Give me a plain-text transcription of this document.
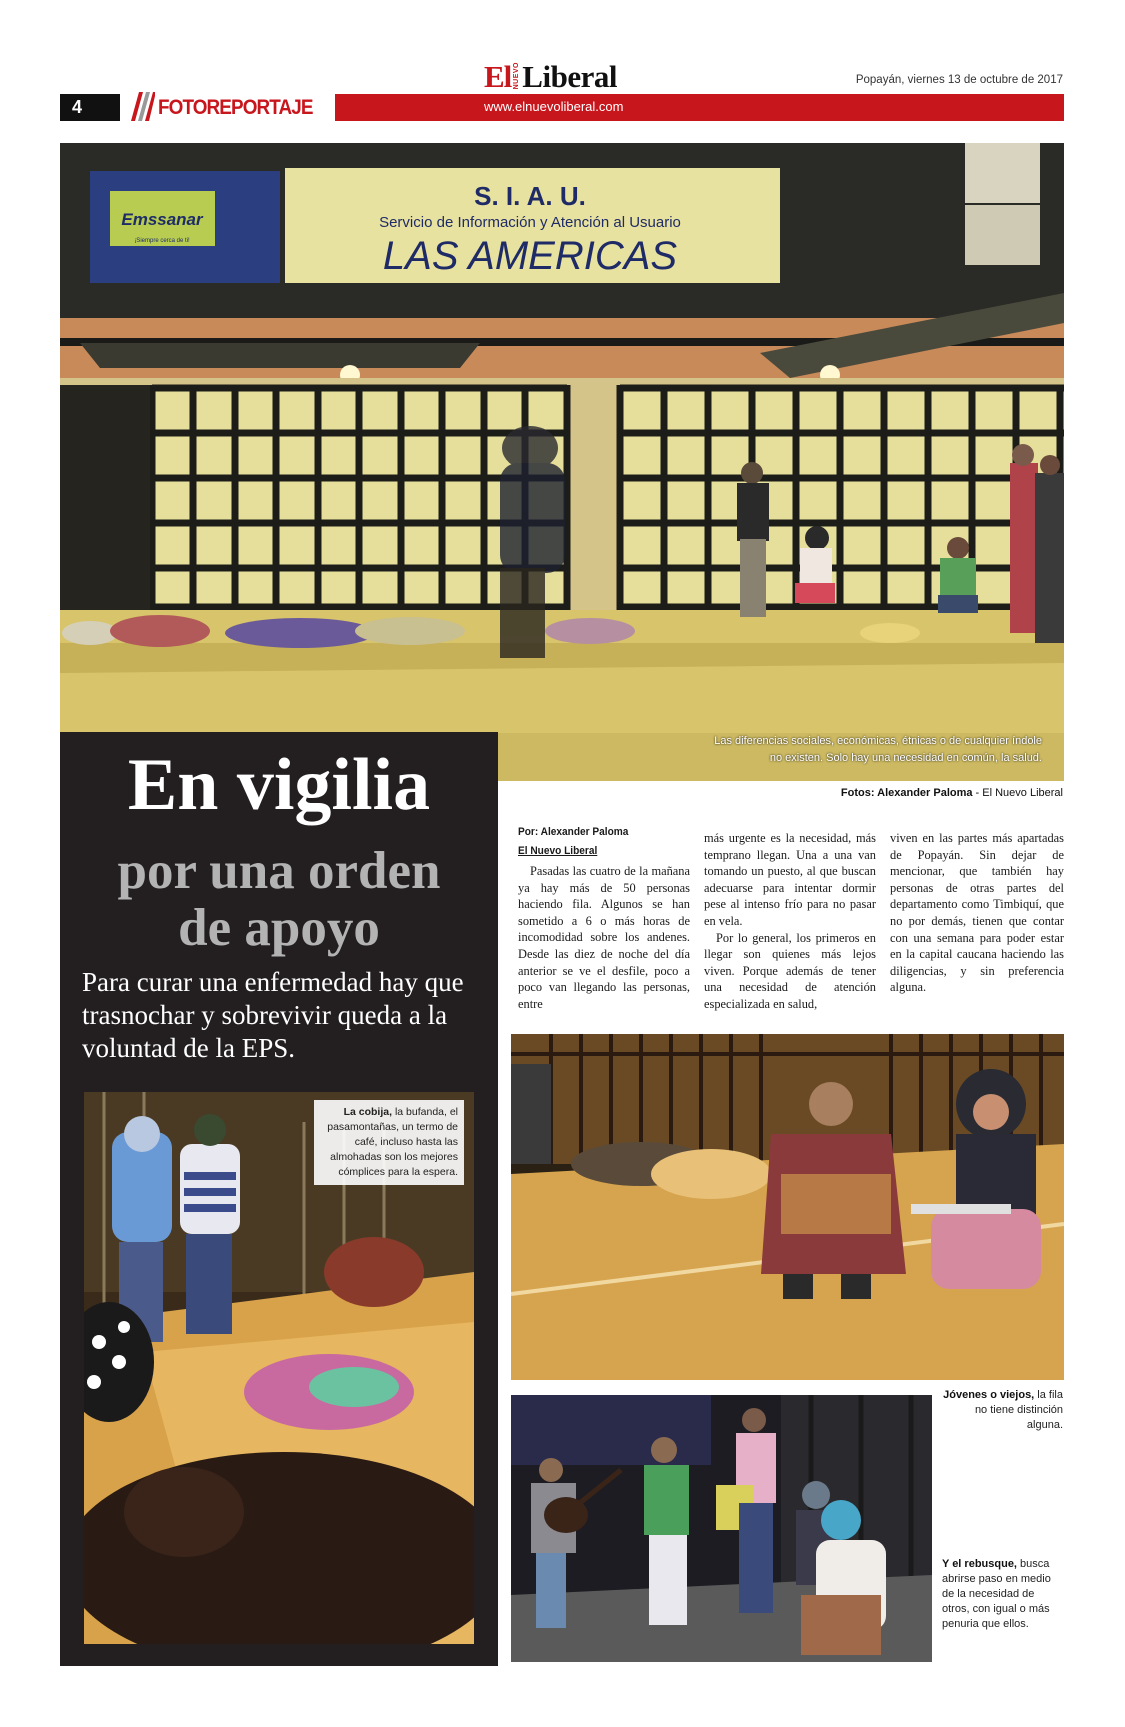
El NUEVO Liberal	Popayán, viernes 13 de octubre de 2017
4	FOTOREPORTAJE	www.elnuevoliberal.com
Emssanar
¡Siempre cerca de ti!
S. I. A. U.
Servicio de Información y Atención al Usuario
LAS AMERICAS
Las diferencias sociales, económicas, étnicas o de cualquier índole no existen. Solo hay una necesidad en común, la salud.
Fotos: Alexander Paloma - El Nuevo Liberal
En vigilia
por una orden
de apoyo
Para curar una enfermedad hay que trasnochar y sobrevivir queda a la voluntad de la EPS.
La cobija, la bufanda, el pasamontañas, un termo de café, incluso hasta las almohadas son los mejores cómplices para la espera.
Por: Alexander Paloma
El Nuevo Liberal

Pasadas las cuatro de la mañana ya hay más de 50 personas haciendo fila. Algunos se han sometido a 6 o más horas de incomodidad sobre los andenes. Desde las diez de noche del día anterior se ve el desfile, poco a poco van llegando las personas, entre

más urgente es la necesidad, más temprano llegan. Una a una van tomando un puesto, al que buscan adecuarse para intentar dormir pese al intenso frío para no pasar en vela.

Por lo general, los primeros en llegar son quienes más lejos viven. Porque además de tener una necesidad de atención especializada en salud,

viven en las partes más apartadas de Popayán. Sin dejar de mencionar, que también hay personas de otras partes del departamento como Timbiquí, que no por demás, tienen que contar con una semana para poder estar en la capital caucana haciendo las diligencias, y sin preferencia alguna.

Jóvenes o viejos, la fila no tiene distinción alguna.
Y el rebusque, busca abrirse paso en medio de la necesidad de otros, con igual o más penuria que ellos.
